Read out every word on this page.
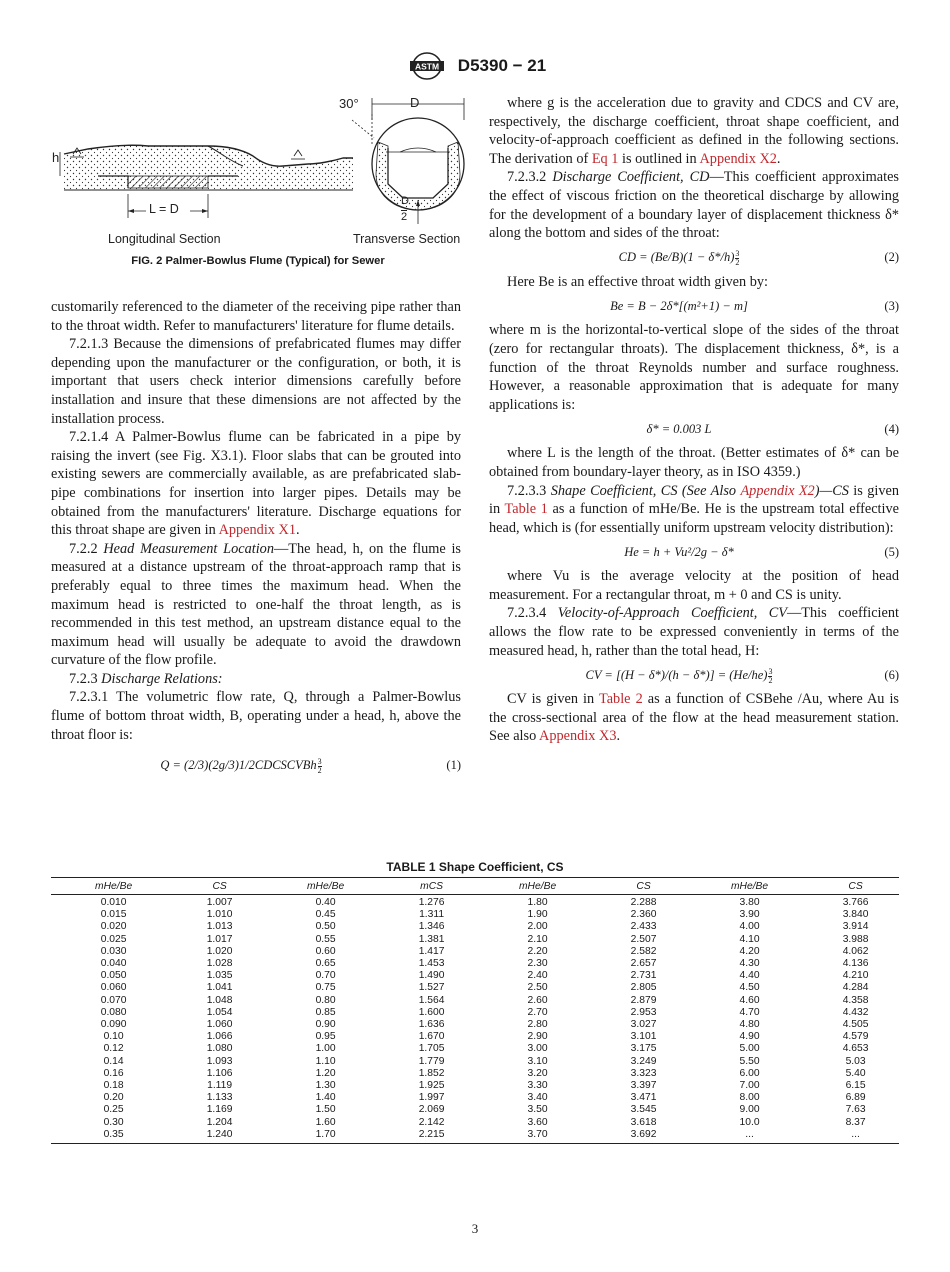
ASTM D5390 − 21
30°	D
h
L = D
D
2
Longitudinal Section	Transverse Section
FIG. 2 Palmer-Bowlus Flume (Typical) for Sewer

customarily referenced to the diameter of the receiving pipe rather than to the throat width. Refer to manufacturers' literature for flume details.

7.2.1.3 Because the dimensions of prefabricated flumes may differ depending upon the manufacturer or the configuration, or both, it is important that users check interior dimensions carefully before installation and insure that these dimensions are not affected by the installation process.

7.2.1.4 A Palmer-Bowlus flume can be fabricated in a pipe by raising the invert (see Fig. X3.1). Floor slabs that can be grouted into existing sewers are commercially available, as are prefabricated slab-pipe combinations for insertion into larger pipes. Details may be obtained from the manufacturers' literature. Discharge equations for this throat shape are given in Appendix X1.

7.2.2 Head Measurement Location—The head, h, on the flume is measured at a distance upstream of the throat-approach ramp that is preferably equal to three times the maximum head. When the maximum head is restricted to one-half the throat length, as is recommended in this test method, an upstream distance equal to the maximum head will usually be adequate to avoid the drawdown curvature of the flow profile.

7.2.3 Discharge Relations:

7.2.3.1 The volumetric flow rate, Q, through a Palmer-Bowlus flume of bottom throat width, B, operating under a head, h, above the throat floor is:

Q = (2/3)(2g/3)1/2CDCSCVBh $\frac{3}{2}$	(1)

where g is the acceleration due to gravity and CDCS and CV are, respectively, the discharge coefficient, throat shape coefficient, and velocity-of-approach coefficient as defined in the following sections. The derivation of Eq 1 is outlined in Appendix X2.

7.2.3.2 Discharge Coefficient, CD—This coefficient approximates the effect of viscous friction on the theoretical discharge by allowing for the development of a boundary layer of displacement thickness δ* along the bottom and sides of the throat:

CD = $(Be/B)(1 - \delta*/h) \frac{3}{2}$	(2)

Here Be is an effective throat width given by:

Be = B − 2δ*[(m²+1) − m]	(3)

where m is the horizontal-to-vertical slope of the sides of the throat (zero for rectangular throats). The displacement thickness, δ*, is a function of the throat Reynolds number and surface roughness. However, a reasonable approximation that is adequate for many applications is:

δ* = 0.003 L	(4)

where L is the length of the throat. (Better estimates of δ* can be obtained from boundary-layer theory, as in ISO 4359.)

7.2.3.3 Shape Coefficient, CS (See Also Appendix X2)—CS is given in Table 1 as a function of mHe/Be. He is the upstream total effective head, which is (for essentially uniform upstream velocity distribution):

He = h + Vu²/2g − δ*	(5)

where Vu is the average velocity at the position of head measurement. For a rectangular throat, m + 0 and CS is unity.

7.2.3.4 Velocity-of-Approach Coefficient, CV—This coefficient allows the flow rate to be expressed conveniently in terms of the measured head, h, rather than the total head, H:

CV = $[(H - \delta*)/(h - \delta*)] = (He/he) \frac{3}{2}$	(6)

CV is given in Table 2 as a function of CSBehe /Au, where Au is the cross-sectional area of the flow at the head measurement station. See also Appendix X3.

TABLE 1 Shape Coefficient, CS
mHe/Be	CS	mHe/Be	mCS	mHe/Be	CS	mHe/Be	CS
0.010	1.007	0.40	1.276	1.80	2.288	3.80	3.766
0.015	1.010	0.45	1.311	1.90	2.360	3.90	3.840
0.020	1.013	0.50	1.346	2.00	2.433	4.00	3.914
0.025	1.017	0.55	1.381	2.10	2.507	4.10	3.988
0.030	1.020	0.60	1.417	2.20	2.582	4.20	4.062
0.040	1.028	0.65	1.453	2.30	2.657	4.30	4.136
0.050	1.035	0.70	1.490	2.40	2.731	4.40	4.210
0.060	1.041	0.75	1.527	2.50	2.805	4.50	4.284
0.070	1.048	0.80	1.564	2.60	2.879	4.60	4.358
0.080	1.054	0.85	1.600	2.70	2.953	4.70	4.432
0.090	1.060	0.90	1.636	2.80	3.027	4.80	4.505
0.10	1.066	0.95	1.670	2.90	3.101	4.90	4.579
0.12	1.080	1.00	1.705	3.00	3.175	5.00	4.653
0.14	1.093	1.10	1.779	3.10	3.249	5.50	5.03
0.16	1.106	1.20	1.852	3.20	3.323	6.00	5.40
0.18	1.119	1.30	1.925	3.30	3.397	7.00	6.15
0.20	1.133	1.40	1.997	3.40	3.471	8.00	6.89
0.25	1.169	1.50	2.069	3.50	3.545	9.00	7.63
0.30	1.204	1.60	2.142	3.60	3.618	10.0	8.37
0.35	1.240	1.70	2.215	3.70	3.692	...	...
3
